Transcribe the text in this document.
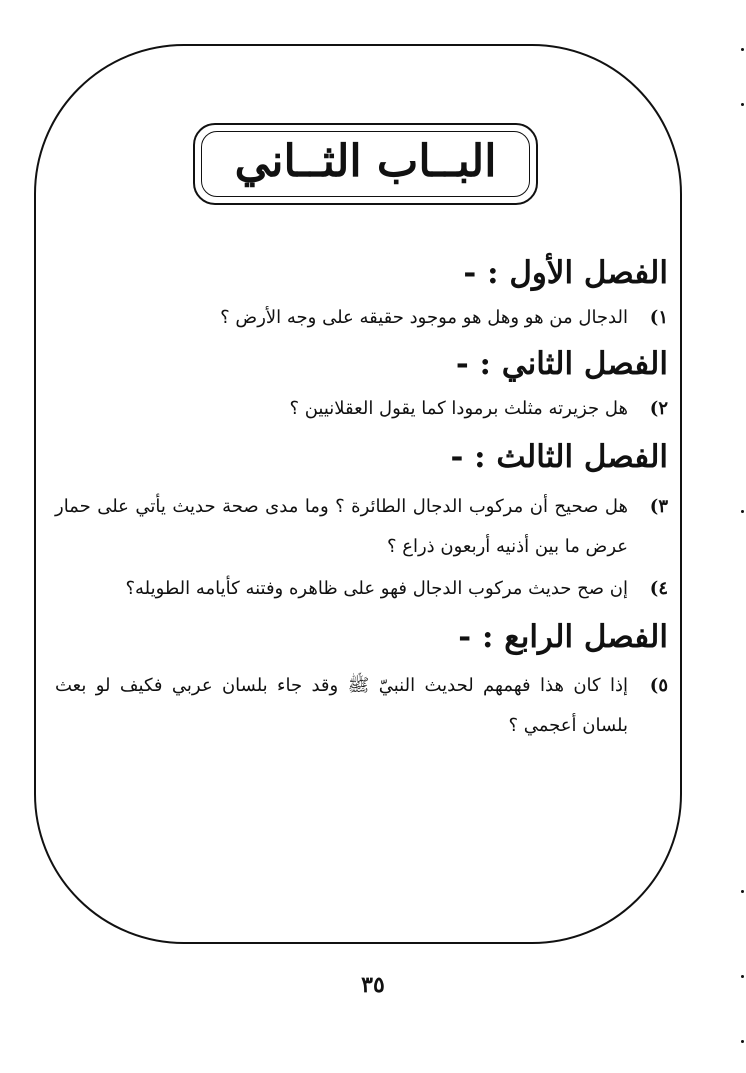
البــاب الثــاني
الفصل الأول : -
١)
الدجال من هو وهل هو موجود حقيقه على وجه الأرض ؟
الفصل الثاني : -
٢)
هل جزيرته مثلث برمودا كما يقول العقلانيين ؟
الفصل الثالث : -
٣)
هل صحيح أن مركوب الدجال الطائرة ؟ وما مدى صحة حديث يأتي على حمار عرض ما بين أذنيه أربعون ذراع ؟
٤)
إن صح حديث مركوب الدجال فهو على ظاهره وفتنه كأيامه الطويله؟
الفصل الرابع : -
٥)
إذا كان هذا فهمهم لحديث النبيّ ﷺ وقد جاء بلسان عربي فكيف لو بعث بلسان أعجمي ؟
٣٥
